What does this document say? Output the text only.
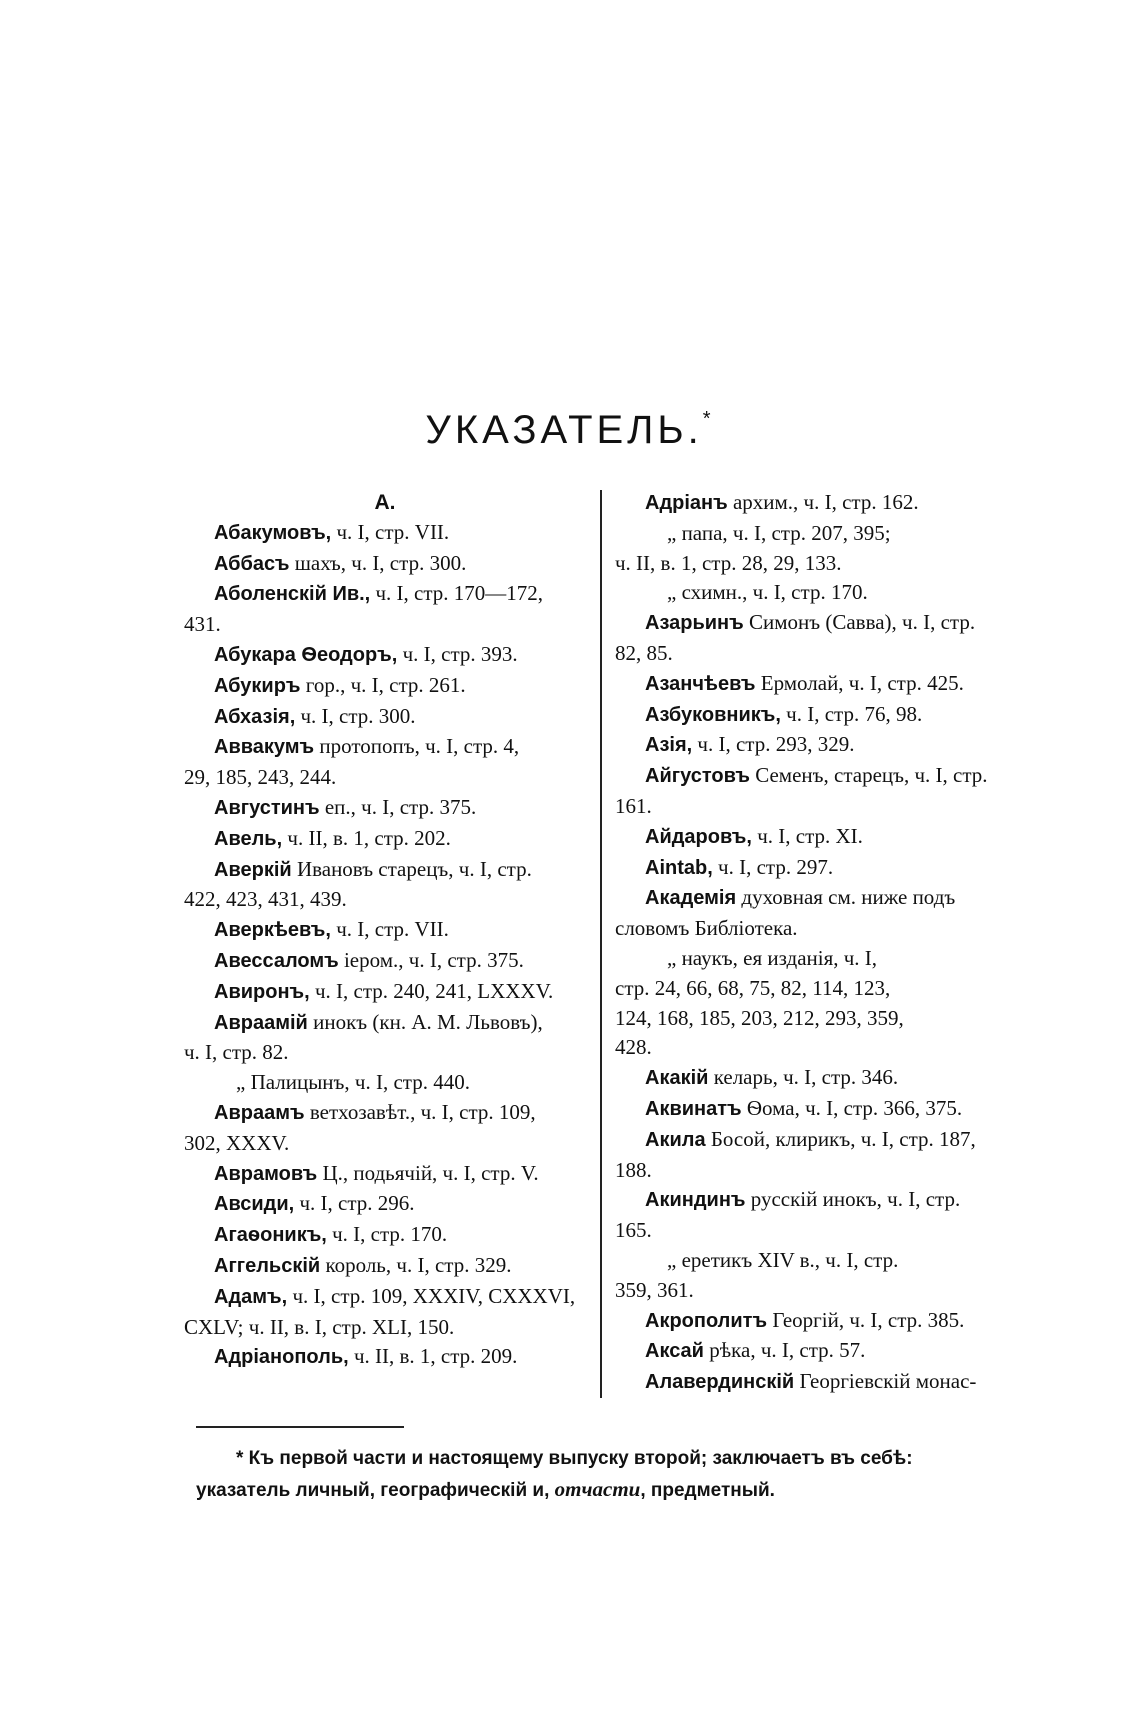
УКАЗАТЕЛЬ.*
А.
Абакумовъ, ч. I, стр. VII.
Аббасъ шахъ, ч. I, стр. 300.
Аболенскій Ив., ч. I, стр. 170—172,
431.
Абукара Ѳеодоръ, ч. I, стр. 393.
Абукиръ гор., ч. I, стр. 261.
Абхазія, ч. I, стр. 300.
Аввакумъ протопопъ, ч. I, стр. 4,
29, 185, 243, 244.
Августинъ еп., ч. I, стр. 375.
Авель, ч. II, в. 1, стр. 202.
Аверкій Ивановъ старецъ, ч. I, стр.
422, 423, 431, 439.
Аверкѣевъ, ч. I, стр. VII.
Авессаломъ іером., ч. I, стр. 375.
Авиронъ, ч. I, стр. 240, 241, LXXXV.
Авраамій инокъ (кн. А. М. Львовъ),
ч. I, стр. 82.
„ Палицынъ, ч. I, стр. 440.
Авраамъ ветхозавѣт., ч. I, стр. 109,
302, XXXV.
Аврамовъ Ц., подьячій, ч. I, стр. V.
Авсиди, ч. I, стр. 296.
Агаѳоникъ, ч. I, стр. 170.
Аггельскій король, ч. I, стр. 329.
Адамъ, ч. I, стр. 109, XXXIV, CXXXVI,
CXLV; ч. II, в. I, стр. XLI, 150.
Адріанополь, ч. II, в. 1, стр. 209.
Адріанъ архим., ч. I, стр. 162.
„ папа, ч. I, стр. 207, 395;
ч. II, в. 1, стр. 28, 29, 133.
„ схимн., ч. I, стр. 170.
Азарьинъ Симонъ (Савва), ч. I, стр.
82, 85.
Азанчѣевъ Ермолай, ч. I, стр. 425.
Азбуковникъ, ч. I, стр. 76, 98.
Азія, ч. I, стр. 293, 329.
Айгустовъ Семенъ, старецъ, ч. I, стр.
161.
Айдаровъ, ч. I, стр. XI.
Aintab, ч. I, стр. 297.
Академія духовная см. ниже подъ
словомъ Библіотека.
„ наукъ, ея изданія, ч. I,
стр. 24, 66, 68, 75, 82, 114, 123,
124, 168, 185, 203, 212, 293, 359,
428.
Акакій келарь, ч. I, стр. 346.
Аквинатъ Ѳома, ч. I, стр. 366, 375.
Акила Босой, клирикъ, ч. I, стр. 187,
188.
Акиндинъ русскій инокъ, ч. I, стр.
165.
„ еретикъ XIV в., ч. I, стр.
359, 361.
Акрополитъ Георгій, ч. I, стр. 385.
Аксай рѣка, ч. I, стр. 57.
Алавердинскій Георгіевскій монас-
* Къ первой части и настоящему выпуску второй; заключаетъ въ себѣ:
указатель личный, географическій и, отчасти, предметный.
